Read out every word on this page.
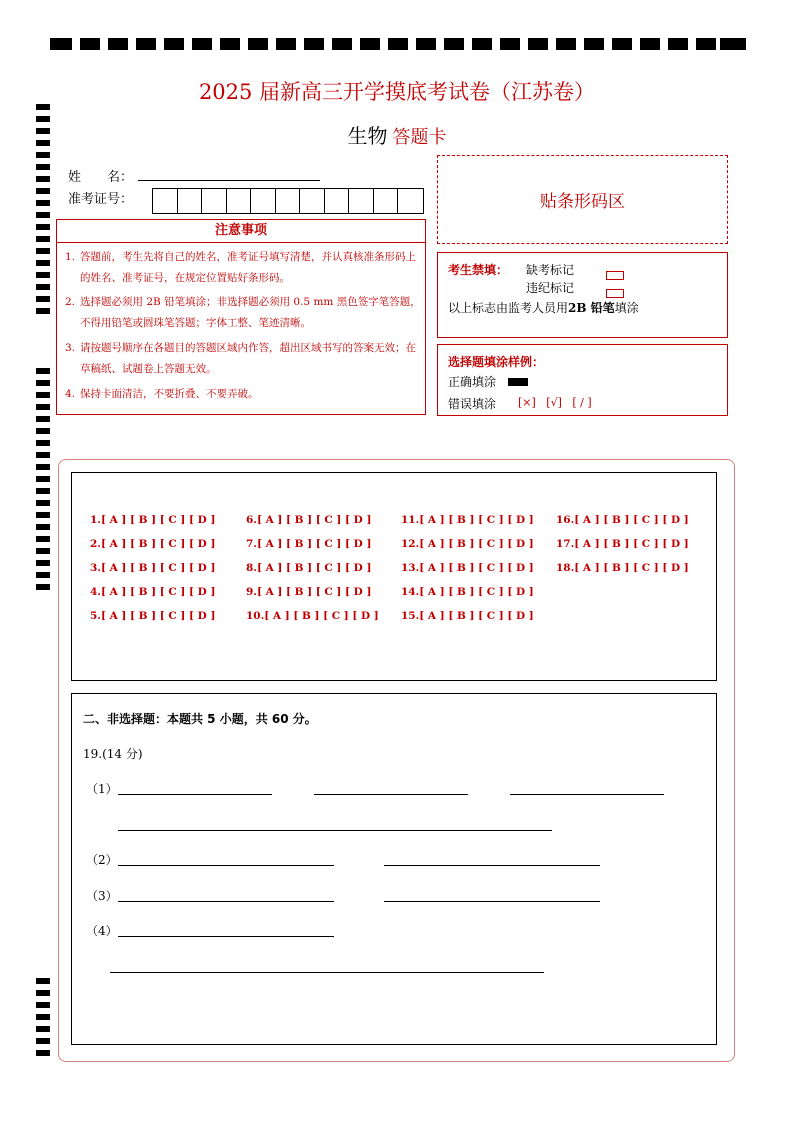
2025 届新高三开学摸底考试卷（江苏卷）
生物 答题卡
姓　　名：
准考证号：	贴条形码区
注意事项
1. 答题前，考生先将自己的姓名，准考证号填写清楚，并认真核准条形码上的姓名、准考证号，在规定位置贴好条形码。
2. 选择题必须用 2B 铅笔填涂；非选择题必须用 0.5 mm 黑色签字笔答题，不得用铅笔或圆珠笔答题；字体工整、笔迹清晰。
3. 请按题号顺序在各题目的答题区域内作答，超出区域书写的答案无效；在草稿纸、试题卷上答题无效。
4. 保持卡面清洁，不要折叠、不要弄破。
考生禁填： 缺考标记
违纪标记
以上标志由监考人员用2B 铅笔填涂
选择题填涂样例：
正确填涂
错误填涂 [×]   [√]   [ / ]
1.[ A ] [ B ] [ C ] [ D ]
2.[ A ] [ B ] [ C ] [ D ]
3.[ A ] [ B ] [ C ] [ D ]
4.[ A ] [ B ] [ C ] [ D ]
5.[ A ] [ B ] [ C ] [ D ]
6.[ A ] [ B ] [ C ] [ D ]
7.[ A ] [ B ] [ C ] [ D ]
8.[ A ] [ B ] [ C ] [ D ]
9.[ A ] [ B ] [ C ] [ D ]
10.[ A ] [ B ] [ C ] [ D ]
11.[ A ] [ B ] [ C ] [ D ]
12.[ A ] [ B ] [ C ] [ D ]
13.[ A ] [ B ] [ C ] [ D ]
14.[ A ] [ B ] [ C ] [ D ]
15.[ A ] [ B ] [ C ] [ D ]
16.[ A ] [ B ] [ C ] [ D ]
17.[ A ] [ B ] [ C ] [ D ]
18.[ A ] [ B ] [ C ] [ D ]
二、非选择题：本题共 5 小题，共 60 分。
19.(14 分)
（1）
（2）
（3）
（4）
